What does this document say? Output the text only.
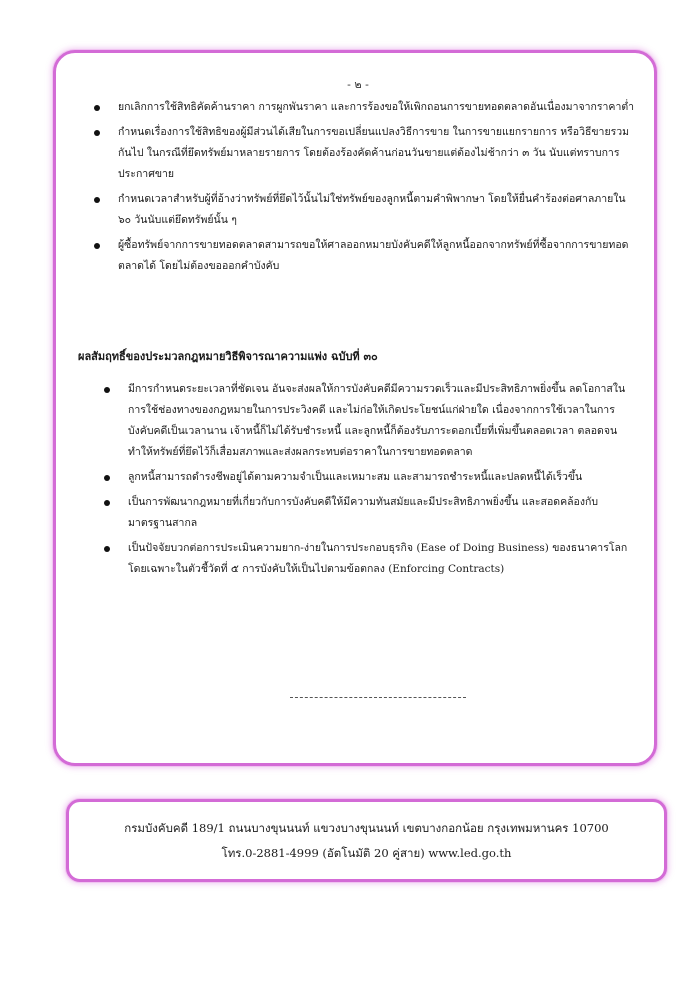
- ๒ -
ยกเลิกการใช้สิทธิคัดค้านราคา การผูกพันราคา และการร้องขอให้เพิกถอนการขายทอดตลาดอันเนื่องมาจากราคาต่ำ
กำหนดเรื่องการใช้สิทธิของผู้มีส่วนได้เสียในการขอเปลี่ยนแปลงวิธีการขาย ในการขายแยกรายการ หรือวิธีขายรวมกันไป ในกรณีที่ยึดทรัพย์มาหลายรายการ โดยต้องร้องคัดค้านก่อนวันขายแต่ต้องไม่ช้ากว่า ๓ วัน นับแต่ทราบการประกาศขาย
กำหนดเวลาสำหรับผู้ที่อ้างว่าทรัพย์ที่ยึดไว้นั้นไม่ใช่ทรัพย์ของลูกหนี้ตามคำพิพากษา โดยให้ยื่นคำร้องต่อศาลภายใน ๖๐ วันนับแต่ยึดทรัพย์นั้น ๆ
ผู้ซื้อทรัพย์จากการขายทอดตลาดสามารถขอให้ศาลออกหมายบังคับคดีให้ลูกหนี้ออกจากทรัพย์ที่ซื้อจากการขายทอดตลาดได้ โดยไม่ต้องขอออกคำบังคับ
ผลสัมฤทธิ์ของประมวลกฎหมายวิธีพิจารณาความแพ่ง ฉบับที่ ๓๐
มีการกำหนดระยะเวลาที่ชัดเจน อันจะส่งผลให้การบังคับคดีมีความรวดเร็วและมีประสิทธิภาพยิ่งขึ้น ลดโอกาสในการใช้ช่องทางของกฎหมายในการประวิงคดี และไม่ก่อให้เกิดประโยชน์แก่ฝ่ายใด เนื่องจากการใช้เวลาในการบังคับคดีเป็นเวลานาน เจ้าหนี้ก็ไม่ได้รับชำระหนี้ และลูกหนี้ก็ต้องรับภาระดอกเบี้ยที่เพิ่มขึ้นตลอดเวลา ตลอดจนทำให้ทรัพย์ที่ยึดไว้ก็เสื่อมสภาพและส่งผลกระทบต่อราคาในการขายทอดตลาด
ลูกหนี้สามารถดำรงชีพอยู่ได้ตามความจำเป็นและเหมาะสม และสามารถชำระหนี้และปลดหนี้ได้เร็วขึ้น
เป็นการพัฒนากฎหมายที่เกี่ยวกับการบังคับคดีให้มีความทันสมัยและมีประสิทธิภาพยิ่งขึ้น และสอดคล้องกับมาตรฐานสากล
เป็นปัจจัยบวกต่อการประเมินความยาก-ง่ายในการประกอบธุรกิจ (Ease of Doing Business) ของธนาคารโลก โดยเฉพาะในตัวชี้วัดที่ ๕ การบังคับให้เป็นไปตามข้อตกลง (Enforcing Contracts)
กรมบังคับคดี 189/1 ถนนบางขุนนนท์ แขวงบางขุนนนท์ เขตบางกอกน้อย กรุงเทพมหานคร 10700
โทร.0-2881-4999 (อัตโนมัติ 20 คู่สาย) www.led.go.th
